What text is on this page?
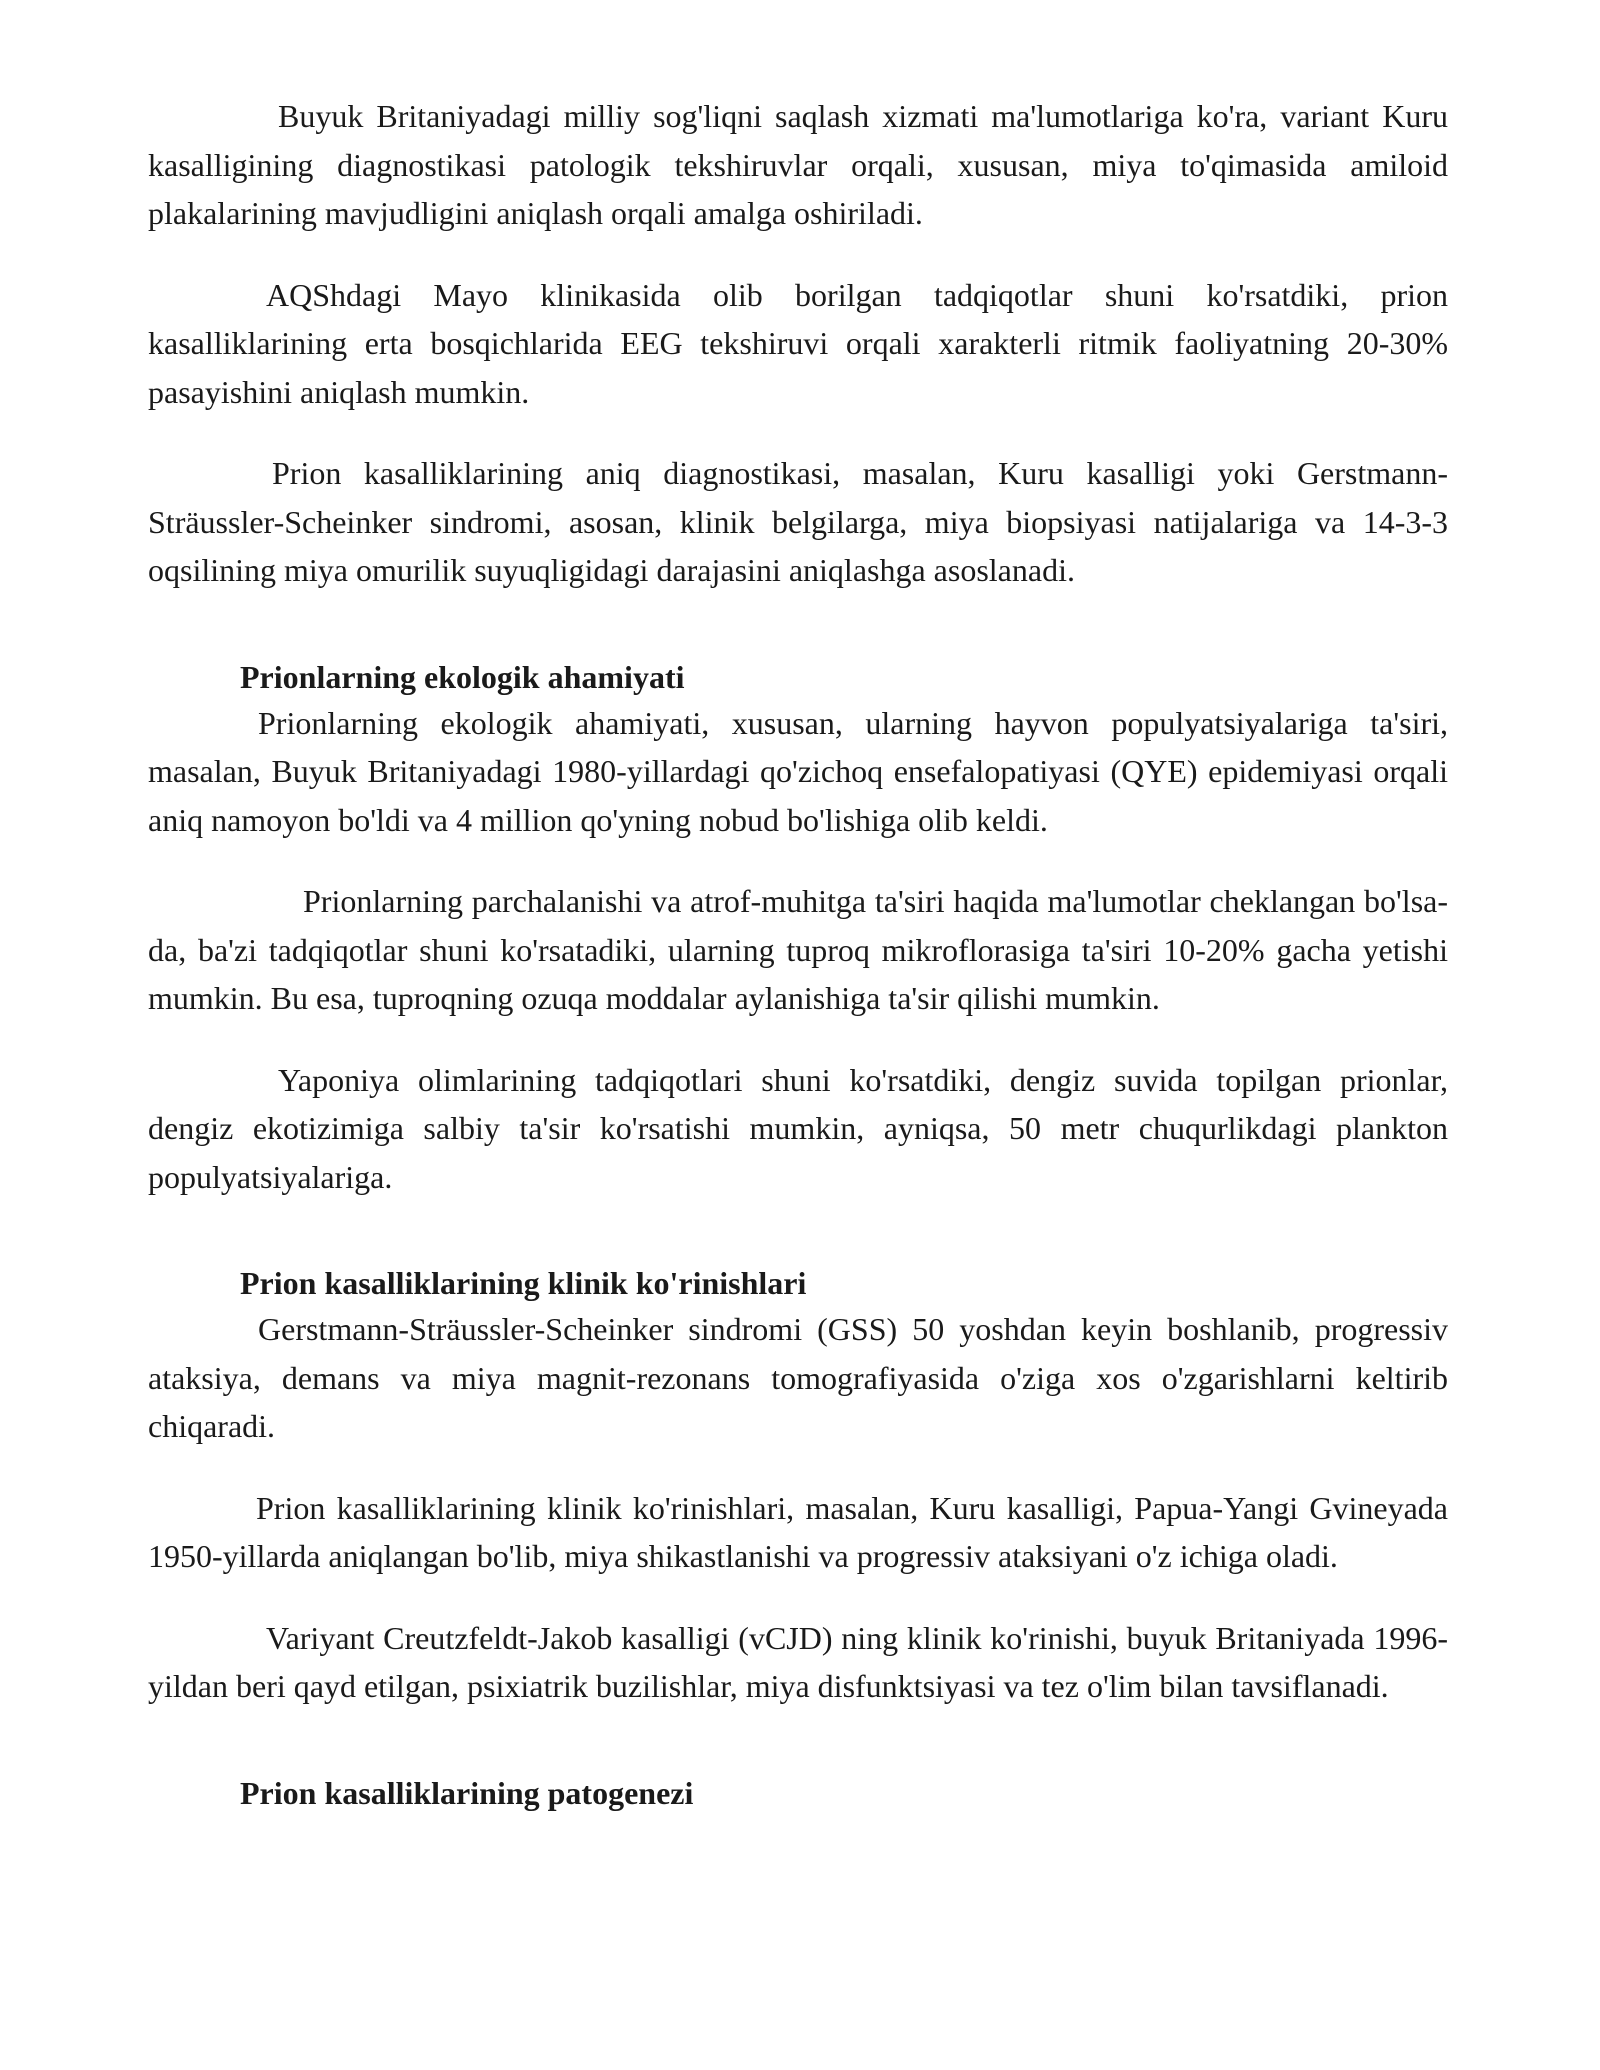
Buyuk Britaniyadagi milliy sog'liqni saqlash xizmati ma'lumotlariga ko'ra, variant Kuru kasalligining diagnostikasi patologik tekshiruvlar orqali, xususan, miya to'qimasida amiloid plakalarining mavjudligini aniqlash orqali amalga oshiriladi.

AQShdagi Mayo klinikasida olib borilgan tadqiqotlar shuni ko'rsatdiki, prion kasalliklarining erta bosqichlarida EEG tekshiruvi orqali xarakterli ritmik faoliyatning 20-30% pasayishini aniqlash mumkin.

Prion kasalliklarining aniq diagnostikasi, masalan, Kuru kasalligi yoki Gerstmann-Sträussler-Scheinker sindromi, asosan, klinik belgilarga, miya biopsiyasi natijalariga va 14-3-3 oqsilining miya omurilik suyuqligidagi darajasini aniqlashga asoslanadi.

Prionlarning ekologik ahamiyati

Prionlarning ekologik ahamiyati, xususan, ularning hayvon populyatsiyalariga ta'siri, masalan, Buyuk Britaniyadagi 1980-yillardagi qo'zichoq ensefalopatiyasi (QYE) epidemiyasi orqali aniq namoyon bo'ldi va 4 million qo'yning nobud bo'lishiga olib keldi.

Prionlarning parchalanishi va atrof-muhitga ta'siri haqida ma'lumotlar cheklangan bo'lsa-da, ba'zi tadqiqotlar shuni ko'rsatadiki, ularning tuproq mikroflorasiga ta'siri 10-20% gacha yetishi mumkin. Bu esa, tuproqning ozuqa moddalar aylanishiga ta'sir qilishi mumkin.

Yaponiya olimlarining tadqiqotlari shuni ko'rsatdiki, dengiz suvida topilgan prionlar, dengiz ekotizimiga salbiy ta'sir ko'rsatishi mumkin, ayniqsa, 50 metr chuqurlikdagi plankton populyatsiyalariga.

Prion kasalliklarining klinik ko'rinishlari

Gerstmann-Sträussler-Scheinker sindromi (GSS) 50 yoshdan keyin boshlanib, progressiv ataksiya, demans va miya magnit-rezonans tomografiyasida o'ziga xos o'zgarishlarni keltirib chiqaradi.

Prion kasalliklarining klinik ko'rinishlari, masalan, Kuru kasalligi, Papua-Yangi Gvineyada 1950-yillarda aniqlangan bo'lib, miya shikastlanishi va progressiv ataksiyani o'z ichiga oladi.

Variyant Creutzfeldt-Jakob kasalligi (vCJD) ning klinik ko'rinishi, buyuk Britaniyada 1996-yildan beri qayd etilgan, psixiatrik buzilishlar, miya disfunktsiyasi va tez o'lim bilan tavsiflanadi.

Prion kasalliklarining patogenezi
